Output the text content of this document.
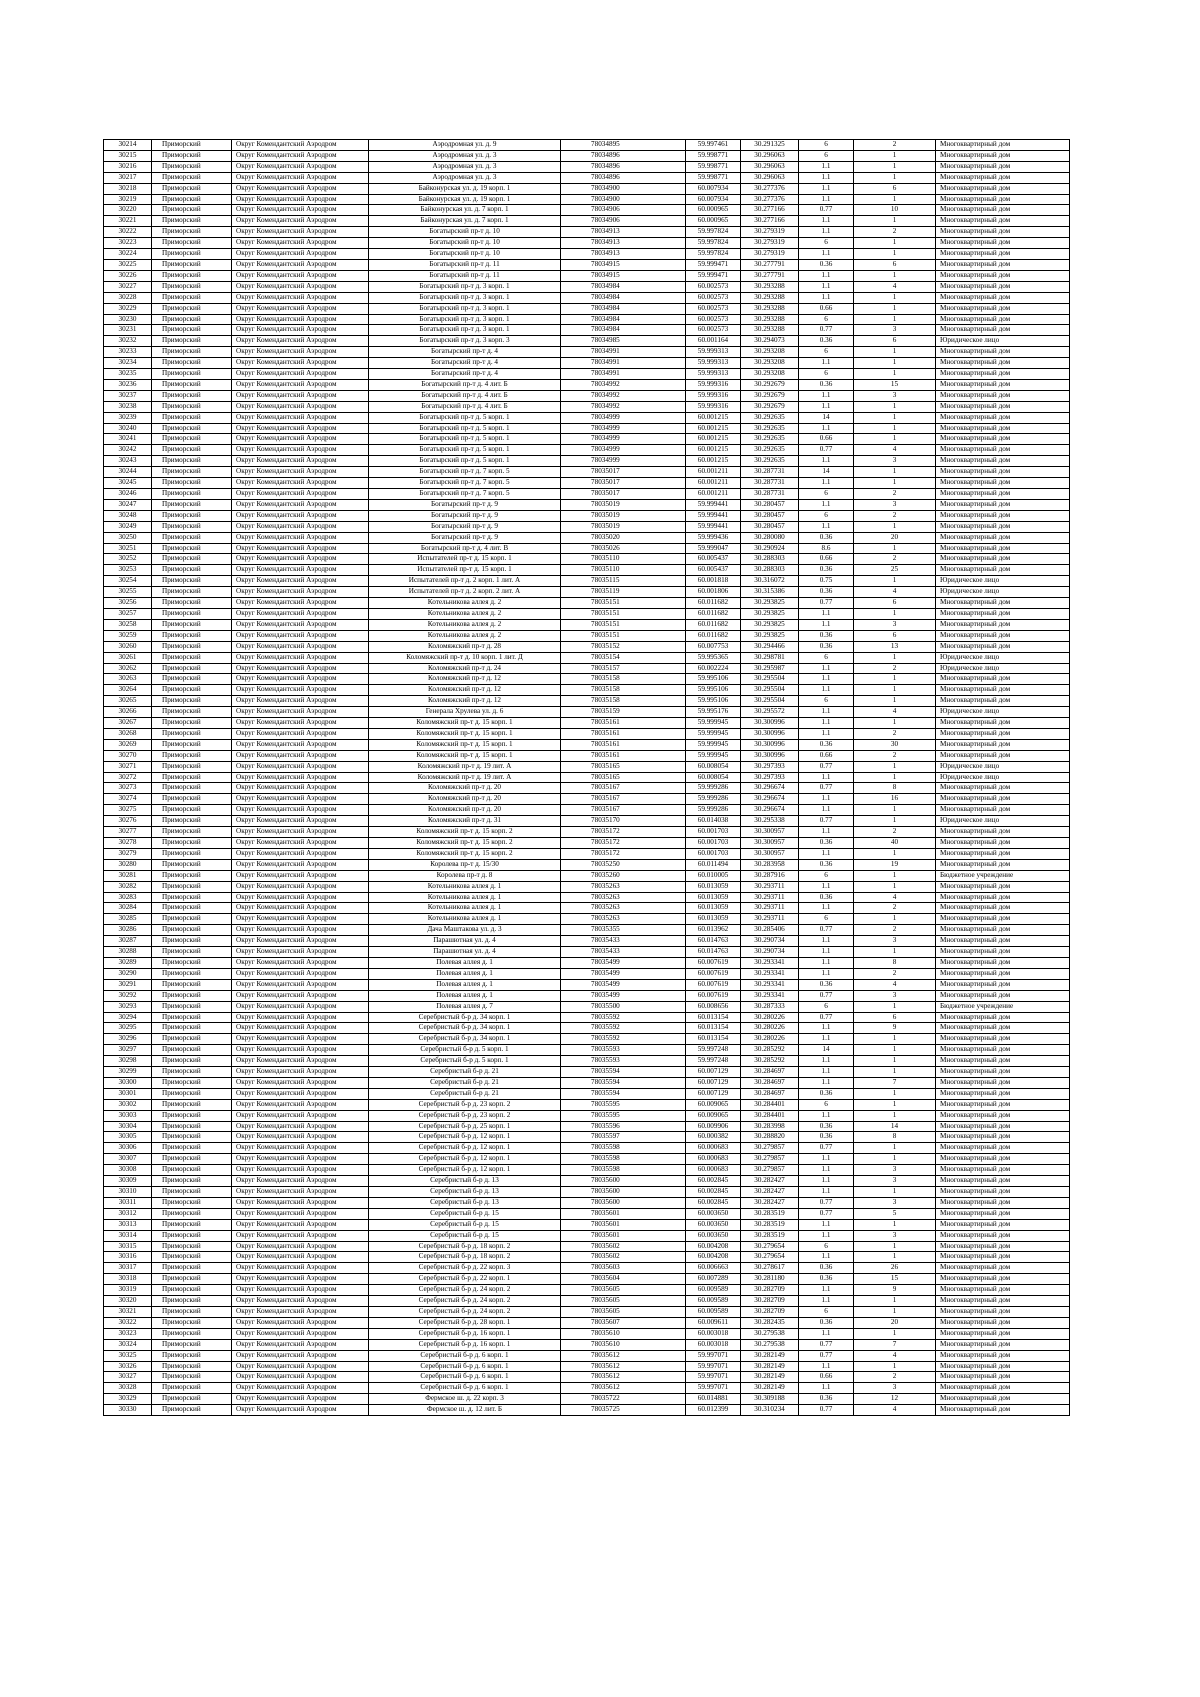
30214	Приморский	Округ Комендантский Аэродром	Аэродромная ул. д. 9	78034895	59.997461	30.291325	6	2	Многоквартирный дом
30215	Приморский	Округ Комендантский Аэродром	Аэродромная ул. д. 3	78034896	59.998771	30.296063	6	1	Многоквартирный дом
30216	Приморский	Округ Комендантский Аэродром	Аэродромная ул. д. 3	78034896	59.998771	30.296063	1.1	1	Многоквартирный дом
30217	Приморский	Округ Комендантский Аэродром	Аэродромная ул. д. 3	78034896	59.998771	30.296063	1.1	1	Многоквартирный дом
30218	Приморский	Округ Комендантский Аэродром	Байконурская ул. д. 19 корп. 1	78034900	60.007934	30.277376	1.1	6	Многоквартирный дом
30219	Приморский	Округ Комендантский Аэродром	Байконурская ул. д. 19 корп. 1	78034900	60.007934	30.277376	1.1	1	Многоквартирный дом
30220	Приморский	Округ Комендантский Аэродром	Байконурская ул. д. 7 корп. 1	78034906	60.000965	30.277166	0.77	10	Многоквартирный дом
30221	Приморский	Округ Комендантский Аэродром	Байконурская ул. д. 7 корп. 1	78034906	60.000965	30.277166	1.1	1	Многоквартирный дом
30222	Приморский	Округ Комендантский Аэродром	Богатырский пр-т д. 10	78034913	59.997824	30.279319	1.1	2	Многоквартирный дом
30223	Приморский	Округ Комендантский Аэродром	Богатырский пр-т д. 10	78034913	59.997824	30.279319	6	1	Многоквартирный дом
30224	Приморский	Округ Комендантский Аэродром	Богатырский пр-т д. 10	78034913	59.997824	30.279319	1.1	1	Многоквартирный дом
30225	Приморский	Округ Комендантский Аэродром	Богатырский пр-т д. 11	78034915	59.999471	30.277791	0.36	6	Многоквартирный дом
30226	Приморский	Округ Комендантский Аэродром	Богатырский пр-т д. 11	78034915	59.999471	30.277791	1.1	1	Многоквартирный дом
30227	Приморский	Округ Комендантский Аэродром	Богатырский пр-т д. 3 корп. 1	78034984	60.002573	30.293288	1.1	4	Многоквартирный дом
30228	Приморский	Округ Комендантский Аэродром	Богатырский пр-т д. 3 корп. 1	78034984	60.002573	30.293288	1.1	1	Многоквартирный дом
30229	Приморский	Округ Комендантский Аэродром	Богатырский пр-т д. 3 корп. 1	78034984	60.002573	30.293288	0.66	1	Многоквартирный дом
30230	Приморский	Округ Комендантский Аэродром	Богатырский пр-т д. 3 корп. 1	78034984	60.002573	30.293288	6	1	Многоквартирный дом
30231	Приморский	Округ Комендантский Аэродром	Богатырский пр-т д. 3 корп. 1	78034984	60.002573	30.293288	0.77	3	Многоквартирный дом
30232	Приморский	Округ Комендантский Аэродром	Богатырский пр-т д. 3 корп. 3	78034985	60.001164	30.294073	0.36	6	Юридическое лицо
30233	Приморский	Округ Комендантский Аэродром	Богатырский пр-т д. 4	78034991	59.999313	30.293208	6	1	Многоквартирный дом
30234	Приморский	Округ Комендантский Аэродром	Богатырский пр-т д. 4	78034991	59.999313	30.293208	1.1	1	Многоквартирный дом
30235	Приморский	Округ Комендантский Аэродром	Богатырский пр-т д. 4	78034991	59.999313	30.293208	6	1	Многоквартирный дом
30236	Приморский	Округ Комендантский Аэродром	Богатырский пр-т д. 4 лит. Б	78034992	59.999316	30.292679	0.36	15	Многоквартирный дом
30237	Приморский	Округ Комендантский Аэродром	Богатырский пр-т д. 4 лит. Б	78034992	59.999316	30.292679	1.1	3	Многоквартирный дом
30238	Приморский	Округ Комендантский Аэродром	Богатырский пр-т д. 4 лит. Б	78034992	59.999316	30.292679	1.1	1	Многоквартирный дом
30239	Приморский	Округ Комендантский Аэродром	Богатырский пр-т д. 5 корп. 1	78034999	60.001215	30.292635	14	1	Многоквартирный дом
30240	Приморский	Округ Комендантский Аэродром	Богатырский пр-т д. 5 корп. 1	78034999	60.001215	30.292635	1.1	1	Многоквартирный дом
30241	Приморский	Округ Комендантский Аэродром	Богатырский пр-т д. 5 корп. 1	78034999	60.001215	30.292635	0.66	1	Многоквартирный дом
30242	Приморский	Округ Комендантский Аэродром	Богатырский пр-т д. 5 корп. 1	78034999	60.001215	30.292635	0.77	4	Многоквартирный дом
30243	Приморский	Округ Комендантский Аэродром	Богатырский пр-т д. 5 корп. 1	78034999	60.001215	30.292635	1.1	3	Многоквартирный дом
30244	Приморский	Округ Комендантский Аэродром	Богатырский пр-т д. 7 корп. 5	78035017	60.001211	30.287731	14	1	Многоквартирный дом
30245	Приморский	Округ Комендантский Аэродром	Богатырский пр-т д. 7 корп. 5	78035017	60.001211	30.287731	1.1	1	Многоквартирный дом
30246	Приморский	Округ Комендантский Аэродром	Богатырский пр-т д. 7 корп. 5	78035017	60.001211	30.287731	6	2	Многоквартирный дом
30247	Приморский	Округ Комендантский Аэродром	Богатырский пр-т д. 9	78035019	59.999441	30.280457	1.1	3	Многоквартирный дом
30248	Приморский	Округ Комендантский Аэродром	Богатырский пр-т д. 9	78035019	59.999441	30.280457	6	2	Многоквартирный дом
30249	Приморский	Округ Комендантский Аэродром	Богатырский пр-т д. 9	78035019	59.999441	30.280457	1.1	1	Многоквартирный дом
30250	Приморский	Округ Комендантский Аэродром	Богатырский пр-т д. 9	78035020	59.999436	30.280080	0.36	20	Многоквартирный дом
30251	Приморский	Округ Комендантский Аэродром	Богатырский пр-т д. 4 лит. В	78035026	59.999047	30.290924	8.6	1	Многоквартирный дом
30252	Приморский	Округ Комендантский Аэродром	Испытателей пр-т д. 15 корп. 1	78035110	60.005437	30.288303	0.66	2	Многоквартирный дом
30253	Приморский	Округ Комендантский Аэродром	Испытателей пр-т д. 15 корп. 1	78035110	60.005437	30.288303	0.36	25	Многоквартирный дом
30254	Приморский	Округ Комендантский Аэродром	Испытателей пр-т д. 2 корп. 1 лит. А	78035115	60.001818	30.316072	0.75	1	Юридическое лицо
30255	Приморский	Округ Комендантский Аэродром	Испытателей пр-т д. 2 корп. 2 лит. А	78035119	60.001806	30.315386	0.36	4	Юридическое лицо
30256	Приморский	Округ Комендантский Аэродром	Котельникова аллея д. 2	78035151	60.011682	30.293825	0.77	6	Многоквартирный дом
30257	Приморский	Округ Комендантский Аэродром	Котельникова аллея д. 2	78035151	60.011682	30.293825	1.1	1	Многоквартирный дом
30258	Приморский	Округ Комендантский Аэродром	Котельникова аллея д. 2	78035151	60.011682	30.293825	1.1	3	Многоквартирный дом
30259	Приморский	Округ Комендантский Аэродром	Котельникова аллея д. 2	78035151	60.011682	30.293825	0.36	6	Многоквартирный дом
30260	Приморский	Округ Комендантский Аэродром	Коломяжский пр-т д. 28	78035152	60.007753	30.294466	0.36	13	Многоквартирный дом
30261	Приморский	Округ Комендантский Аэродром	Коломяжский пр-т д. 10 корп. 1 лит. Д	78035154	59.995365	30.298781	6	1	Юридическое лицо
30262	Приморский	Округ Комендантский Аэродром	Коломяжский пр-т д. 24	78035157	60.002224	30.295987	1.1	2	Юридическое лицо
30263	Приморский	Округ Комендантский Аэродром	Коломяжский пр-т д. 12	78035158	59.995106	30.295504	1.1	1	Многоквартирный дом
30264	Приморский	Округ Комендантский Аэродром	Коломяжский пр-т д. 12	78035158	59.995106	30.295504	1.1	1	Многоквартирный дом
30265	Приморский	Округ Комендантский Аэродром	Коломяжский пр-т д. 12	78035158	59.995106	30.295504	6	1	Многоквартирный дом
30266	Приморский	Округ Комендантский Аэродром	Генерала Хрулева ул. д. 6	78035159	59.995176	30.295572	1.1	4	Юридическое лицо
30267	Приморский	Округ Комендантский Аэродром	Коломяжский пр-т д. 15 корп. 1	78035161	59.999945	30.300996	1.1	1	Многоквартирный дом
30268	Приморский	Округ Комендантский Аэродром	Коломяжский пр-т д. 15 корп. 1	78035161	59.999945	30.300996	1.1	2	Многоквартирный дом
30269	Приморский	Округ Комендантский Аэродром	Коломяжский пр-т д. 15 корп. 1	78035161	59.999945	30.300996	0.36	30	Многоквартирный дом
30270	Приморский	Округ Комендантский Аэродром	Коломяжский пр-т д. 15 корп. 1	78035161	59.999945	30.300996	0.66	2	Многоквартирный дом
30271	Приморский	Округ Комендантский Аэродром	Коломяжский пр-т д. 19 лит. А	78035165	60.008054	30.297393	0.77	1	Юридическое лицо
30272	Приморский	Округ Комендантский Аэродром	Коломяжский пр-т д. 19 лит. А	78035165	60.008054	30.297393	1.1	1	Юридическое лицо
30273	Приморский	Округ Комендантский Аэродром	Коломяжский пр-т д. 20	78035167	59.999286	30.296674	0.77	8	Многоквартирный дом
30274	Приморский	Округ Комендантский Аэродром	Коломяжский пр-т д. 20	78035167	59.999286	30.296674	1.1	16	Многоквартирный дом
30275	Приморский	Округ Комендантский Аэродром	Коломяжский пр-т д. 20	78035167	59.999286	30.296674	1.1	1	Многоквартирный дом
30276	Приморский	Округ Комендантский Аэродром	Коломяжский пр-т д. 31	78035170	60.014038	30.295338	0.77	1	Юридическое лицо
30277	Приморский	Округ Комендантский Аэродром	Коломяжский пр-т д. 15 корп. 2	78035172	60.001703	30.300957	1.1	2	Многоквартирный дом
30278	Приморский	Округ Комендантский Аэродром	Коломяжский пр-т д. 15 корп. 2	78035172	60.001703	30.300957	0.36	40	Многоквартирный дом
30279	Приморский	Округ Комендантский Аэродром	Коломяжский пр-т д. 15 корп. 2	78035172	60.001703	30.300957	1.1	1	Многоквартирный дом
30280	Приморский	Округ Комендантский Аэродром	Королева пр-т д. 15/30	78035250	60.011494	30.283958	0.36	19	Многоквартирный дом
30281	Приморский	Округ Комендантский Аэродром	Королева пр-т д. 8	78035260	60.010005	30.287916	6	1	Бюджетное учреждение
30282	Приморский	Округ Комендантский Аэродром	Котельникова аллея д. 1	78035263	60.013059	30.293711	1.1	1	Многоквартирный дом
30283	Приморский	Округ Комендантский Аэродром	Котельникова аллея д. 1	78035263	60.013059	30.293711	0.36	4	Многоквартирный дом
30284	Приморский	Округ Комендантский Аэродром	Котельникова аллея д. 1	78035263	60.013059	30.293711	1.1	2	Многоквартирный дом
30285	Приморский	Округ Комендантский Аэродром	Котельникова аллея д. 1	78035263	60.013059	30.293711	6	1	Многоквартирный дом
30286	Приморский	Округ Комендантский Аэродром	Дача Маштакова ул. д. 3	78035355	60.013962	30.285406	0.77	2	Многоквартирный дом
30287	Приморский	Округ Комендантский Аэродром	Парашютная ул. д. 4	78035433	60.014763	30.290734	1.1	3	Многоквартирный дом
30288	Приморский	Округ Комендантский Аэродром	Парашютная ул. д. 4	78035433	60.014763	30.290734	1.1	1	Многоквартирный дом
30289	Приморский	Округ Комендантский Аэродром	Полевая аллея д. 1	78035499	60.007619	30.293341	1.1	8	Многоквартирный дом
30290	Приморский	Округ Комендантский Аэродром	Полевая аллея д. 1	78035499	60.007619	30.293341	1.1	2	Многоквартирный дом
30291	Приморский	Округ Комендантский Аэродром	Полевая аллея д. 1	78035499	60.007619	30.293341	0.36	4	Многоквартирный дом
30292	Приморский	Округ Комендантский Аэродром	Полевая аллея д. 1	78035499	60.007619	30.293341	0.77	3	Многоквартирный дом
30293	Приморский	Округ Комендантский Аэродром	Полевая аллея д. 7	78035500	60.008656	30.287333	6	1	Бюджетное учреждение
30294	Приморский	Округ Комендантский Аэродром	Серебристый б-р д. 34 корп. 1	78035592	60.013154	30.280226	0.77	6	Многоквартирный дом
30295	Приморский	Округ Комендантский Аэродром	Серебристый б-р д. 34 корп. 1	78035592	60.013154	30.280226	1.1	9	Многоквартирный дом
30296	Приморский	Округ Комендантский Аэродром	Серебристый б-р д. 34 корп. 1	78035592	60.013154	30.280226	1.1	1	Многоквартирный дом
30297	Приморский	Округ Комендантский Аэродром	Серебристый б-р д. 5 корп. 1	78035593	59.997248	30.285292	14	1	Многоквартирный дом
30298	Приморский	Округ Комендантский Аэродром	Серебристый б-р д. 5 корп. 1	78035593	59.997248	30.285292	1.1	1	Многоквартирный дом
30299	Приморский	Округ Комендантский Аэродром	Серебристый б-р д. 21	78035594	60.007129	30.284697	1.1	1	Многоквартирный дом
30300	Приморский	Округ Комендантский Аэродром	Серебристый б-р д. 21	78035594	60.007129	30.284697	1.1	7	Многоквартирный дом
30301	Приморский	Округ Комендантский Аэродром	Серебристый б-р д. 21	78035594	60.007129	30.284697	0.36	1	Многоквартирный дом
30302	Приморский	Округ Комендантский Аэродром	Серебристый б-р д. 23 корп. 2	78035595	60.009065	30.284401	6	1	Многоквартирный дом
30303	Приморский	Округ Комендантский Аэродром	Серебристый б-р д. 23 корп. 2	78035595	60.009065	30.284401	1.1	1	Многоквартирный дом
30304	Приморский	Округ Комендантский Аэродром	Серебристый б-р д. 25 корп. 1	78035596	60.009906	30.283998	0.36	14	Многоквартирный дом
30305	Приморский	Округ Комендантский Аэродром	Серебристый б-р д. 12 корп. 1	78035597	60.000382	30.288820	0.36	8	Многоквартирный дом
30306	Приморский	Округ Комендантский Аэродром	Серебристый б-р д. 12 корп. 1	78035598	60.000683	30.279857	0.77	1	Многоквартирный дом
30307	Приморский	Округ Комендантский Аэродром	Серебристый б-р д. 12 корп. 1	78035598	60.000683	30.279857	1.1	1	Многоквартирный дом
30308	Приморский	Округ Комендантский Аэродром	Серебристый б-р д. 12 корп. 1	78035598	60.000683	30.279857	1.1	3	Многоквартирный дом
30309	Приморский	Округ Комендантский Аэродром	Серебристый б-р д. 13	78035600	60.002845	30.282427	1.1	3	Многоквартирный дом
30310	Приморский	Округ Комендантский Аэродром	Серебристый б-р д. 13	78035600	60.002845	30.282427	1.1	1	Многоквартирный дом
30311	Приморский	Округ Комендантский Аэродром	Серебристый б-р д. 13	78035600	60.002845	30.282427	0.77	3	Многоквартирный дом
30312	Приморский	Округ Комендантский Аэродром	Серебристый б-р д. 15	78035601	60.003650	30.283519	0.77	5	Многоквартирный дом
30313	Приморский	Округ Комендантский Аэродром	Серебристый б-р д. 15	78035601	60.003650	30.283519	1.1	1	Многоквартирный дом
30314	Приморский	Округ Комендантский Аэродром	Серебристый б-р д. 15	78035601	60.003650	30.283519	1.1	3	Многоквартирный дом
30315	Приморский	Округ Комендантский Аэродром	Серебристый б-р д. 18 корп. 2	78035602	60.004208	30.279654	6	1	Многоквартирный дом
30316	Приморский	Округ Комендантский Аэродром	Серебристый б-р д. 18 корп. 2	78035602	60.004208	30.279654	1.1	1	Многоквартирный дом
30317	Приморский	Округ Комендантский Аэродром	Серебристый б-р д. 22 корп. 3	78035603	60.006663	30.278617	0.36	26	Многоквартирный дом
30318	Приморский	Округ Комендантский Аэродром	Серебристый б-р д. 22 корп. 1	78035604	60.007289	30.281180	0.36	15	Многоквартирный дом
30319	Приморский	Округ Комендантский Аэродром	Серебристый б-р д. 24 корп. 2	78035605	60.009589	30.282709	1.1	9	Многоквартирный дом
30320	Приморский	Округ Комендантский Аэродром	Серебристый б-р д. 24 корп. 2	78035605	60.009589	30.282709	1.1	1	Многоквартирный дом
30321	Приморский	Округ Комендантский Аэродром	Серебристый б-р д. 24 корп. 2	78035605	60.009589	30.282709	6	1	Многоквартирный дом
30322	Приморский	Округ Комендантский Аэродром	Серебристый б-р д. 28 корп. 1	78035607	60.009611	30.282435	0.36	20	Многоквартирный дом
30323	Приморский	Округ Комендантский Аэродром	Серебристый б-р д. 16 корп. 1	78035610	60.003018	30.279538	1.1	1	Многоквартирный дом
30324	Приморский	Округ Комендантский Аэродром	Серебристый б-р д. 16 корп. 1	78035610	60.003018	30.279538	0.77	7	Многоквартирный дом
30325	Приморский	Округ Комендантский Аэродром	Серебристый б-р д. 6 корп. 1	78035612	59.997071	30.282149	0.77	4	Многоквартирный дом
30326	Приморский	Округ Комендантский Аэродром	Серебристый б-р д. 6 корп. 1	78035612	59.997071	30.282149	1.1	1	Многоквартирный дом
30327	Приморский	Округ Комендантский Аэродром	Серебристый б-р д. 6 корп. 1	78035612	59.997071	30.282149	0.66	2	Многоквартирный дом
30328	Приморский	Округ Комендантский Аэродром	Серебристый б-р д. 6 корп. 1	78035612	59.997071	30.282149	1.1	3	Многоквартирный дом
30329	Приморский	Округ Комендантский Аэродром	Фермское ш. д. 22 корп. 3	78035722	60.014881	30.309188	0.36	12	Многоквартирный дом
30330	Приморский	Округ Комендантский Аэродром	Фермское ш. д. 12 лит. Б	78035725	60.012399	30.310234	0.77	4	Многоквартирный дом
